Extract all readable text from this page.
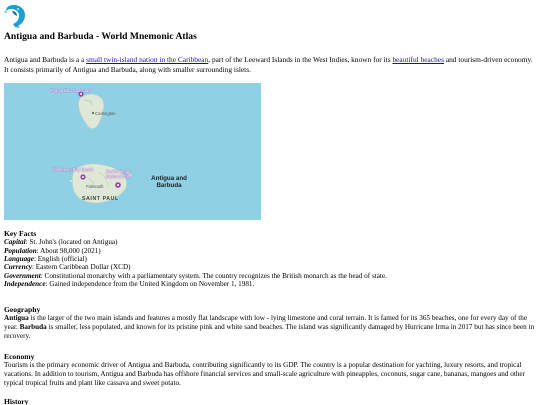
Antigua and Barbuda - World Mnemonic Atlas

Antigua and Barbuda is a a small twin-island nation in the Caribbean, part of the Leeward Islands in the West Indies, known for its beautiful beaches and tourism-driven economy. It consists primarily of Antigua and Barbuda, along with smaller surrounding islets.

Frigate Bird Sanctuary
Codrington
Dickenson Bay Beach	Devil's Bridge National Park
Falmouth
Antigua and Barbuda
SAINT PAUL
Key Facts

Capital: St. John's (located on Antigua)

Population: About 98,000 (2021)

Language: English (official)

Currency: Eastern Caribbean Dollar (XCD)

Government: Constitutional monarchy with a parliamentary system. The country recognizes the British monarch as the head of state.

Independence: Gained independence from the United Kingdom on November 1, 1981.

Geography

Antigua is the larger of the two main islands and features a mostly flat landscape with low - lying limestone and coral terrain. It is famed for its 365 beaches, one for every day of the year. Barbuda is smaller, less populated, and known for its pristine pink and white sand beaches. The island was significantly damaged by Hurricane Irma in 2017 but has since been in recovery.

Economy

Tourism is the primary economic driver of Antigua and Barbuda, contributing significantly to its GDP. The country is a popular destination for yachting, luxury resorts, and tropical vacations. In addition to tourism, Antigua and Barbuda has offshore financial services and small-scale agriculture with pineapples, coconuts, sugar cane, bananas, mangoes and other typical tropical fruits and plant like cassava and sweet potato.

History
